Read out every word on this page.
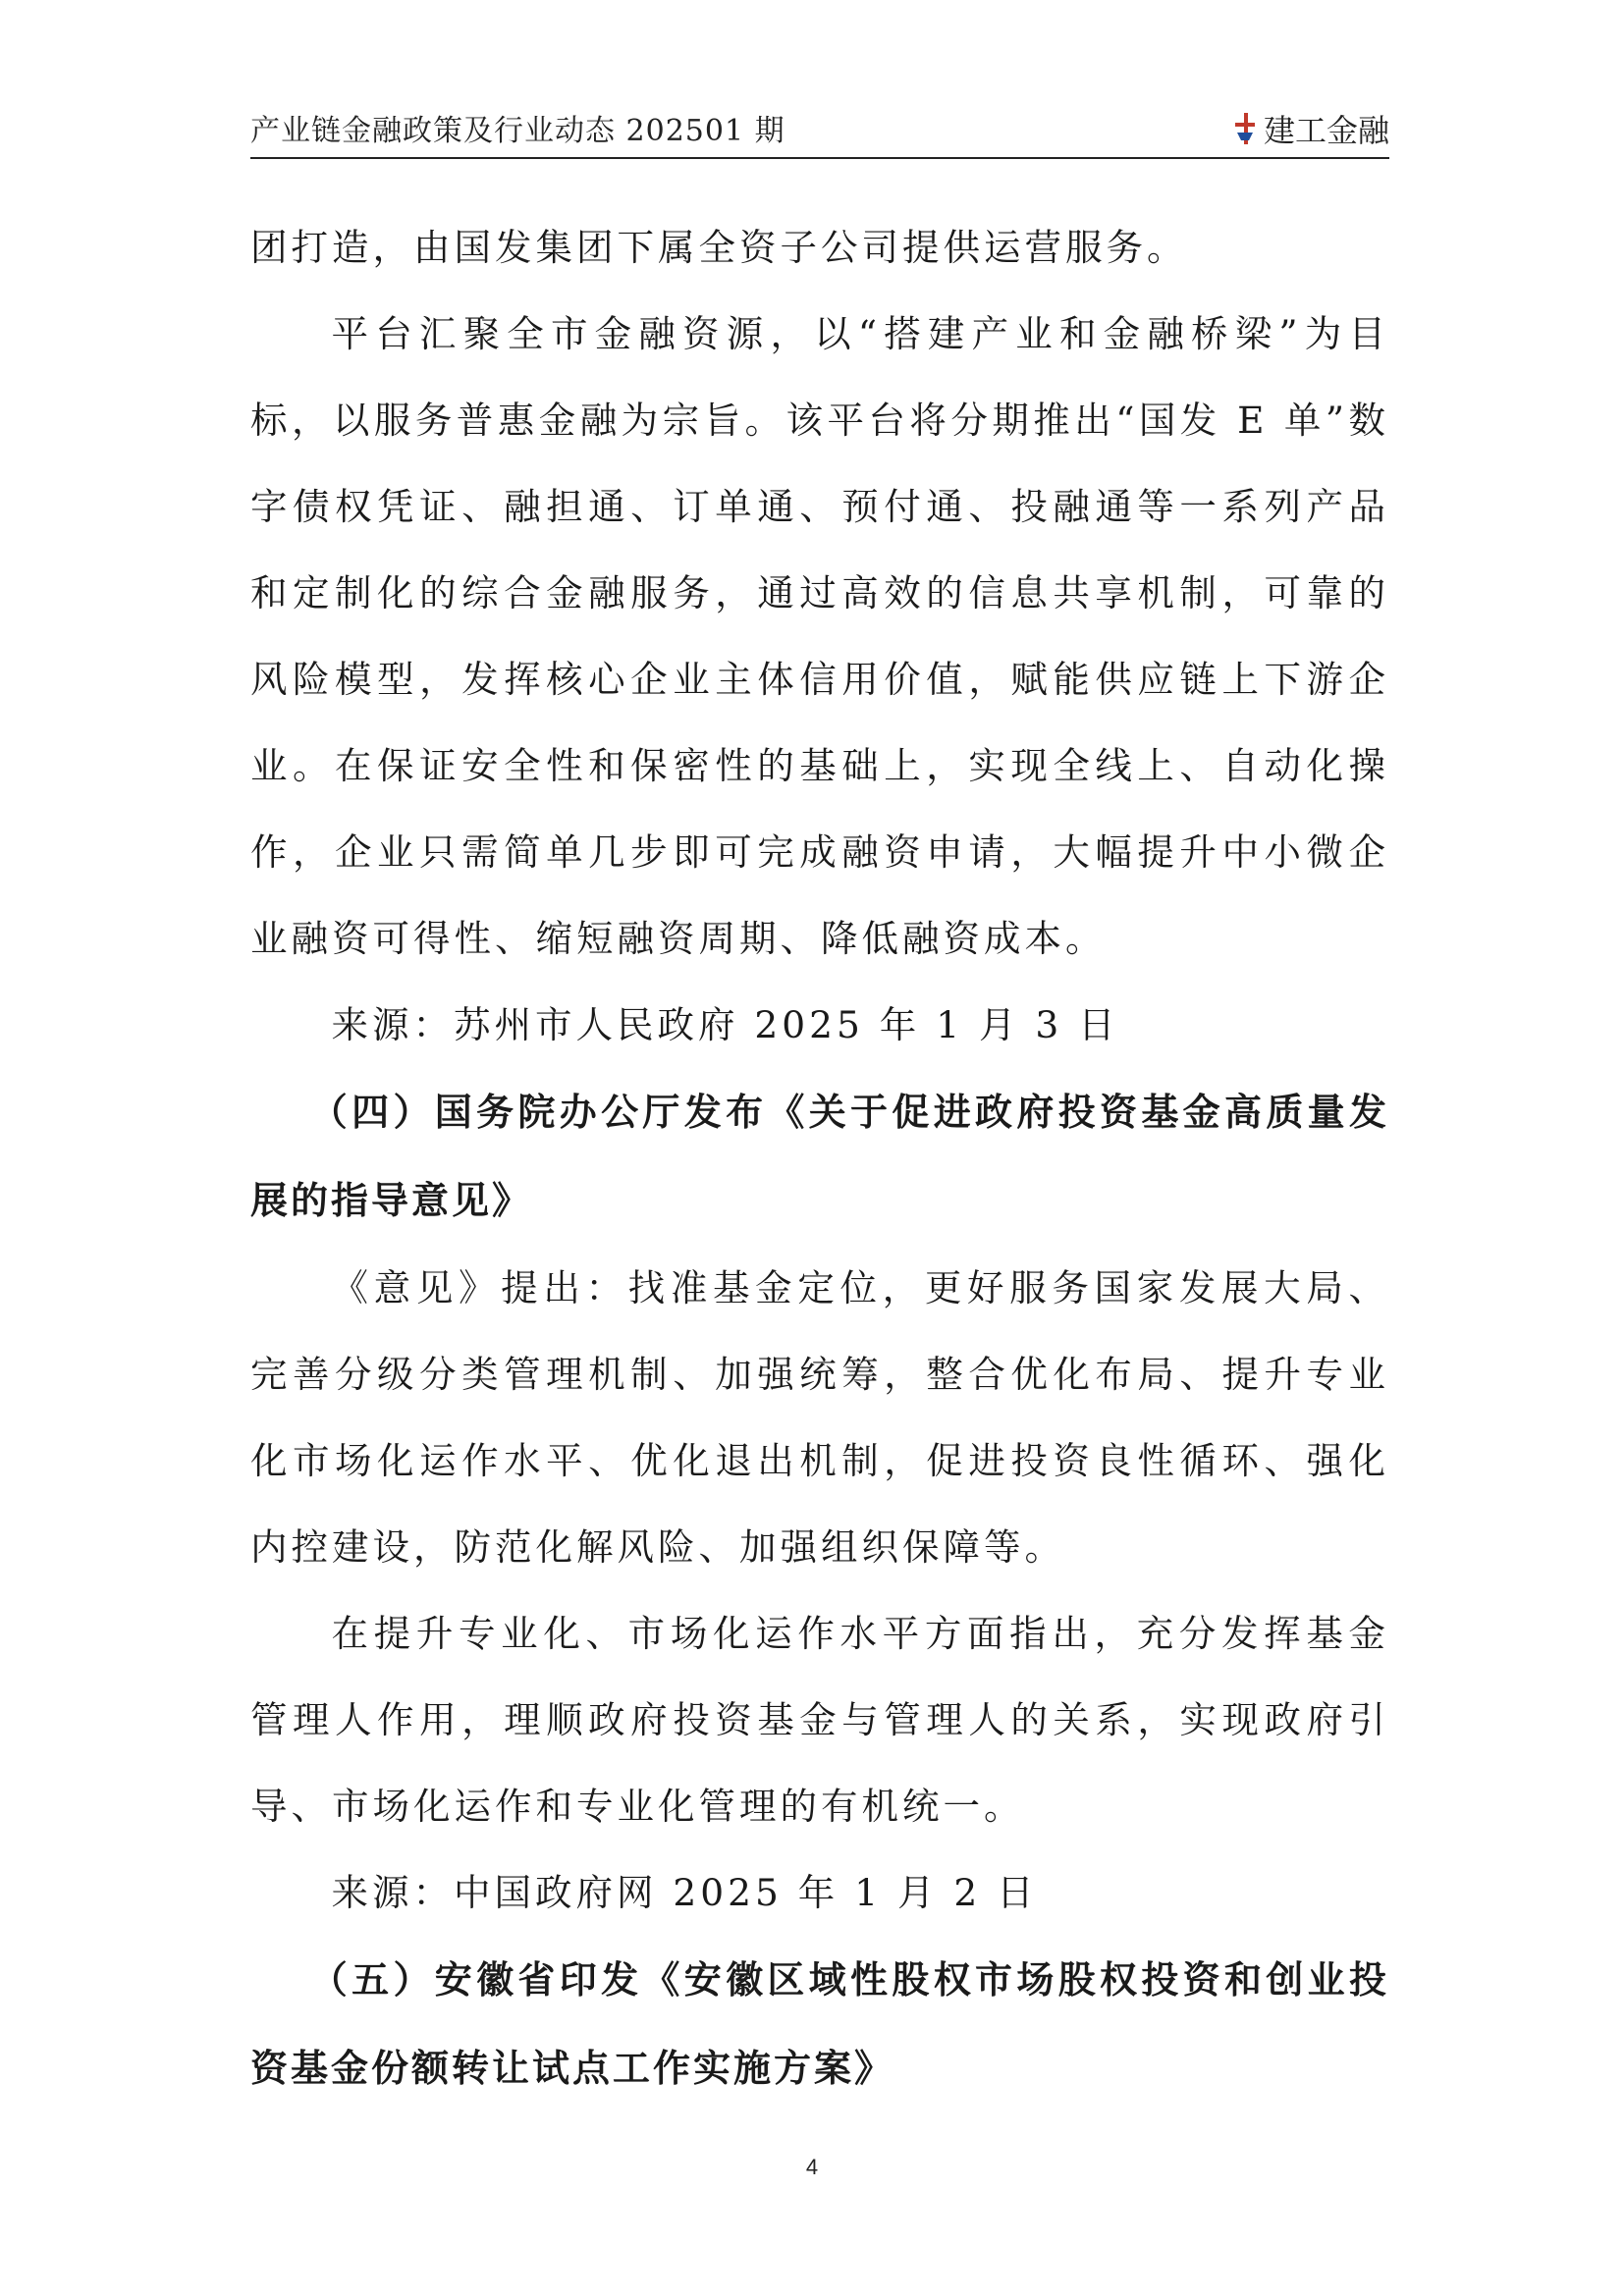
产业链金融政策及行业动态 202501 期	建工金融

团打造，由国发集团下属全资子公司提供运营服务。

平台汇聚全市金融资源，以“搭建产业和金融桥梁”为目标，以服务普惠金融为宗旨。该平台将分期推出“国发 E 单”数字债权凭证、融担通、订单通、预付通、投融通等一系列产品和定制化的综合金融服务，通过高效的信息共享机制，可靠的风险模型，发挥核心企业主体信用价值，赋能供应链上下游企业。在保证安全性和保密性的基础上，实现全线上、自动化操作，企业只需简单几步即可完成融资申请，大幅提升中小微企业融资可得性、缩短融资周期、降低融资成本。

来源：苏州市人民政府 2025 年 1 月 3 日

（四）国务院办公厅发布《关于促进政府投资基金高质量发展的指导意见》

《意见》提出：找准基金定位，更好服务国家发展大局、完善分级分类管理机制、加强统筹，整合优化布局、提升专业化市场化运作水平、优化退出机制，促进投资良性循环、强化内控建设，防范化解风险、加强组织保障等。

在提升专业化、市场化运作水平方面指出，充分发挥基金管理人作用，理顺政府投资基金与管理人的关系，实现政府引导、市场化运作和专业化管理的有机统一。

来源：中国政府网 2025 年 1 月 2 日

（五）安徽省印发《安徽区域性股权市场股权投资和创业投资基金份额转让试点工作实施方案》

4
